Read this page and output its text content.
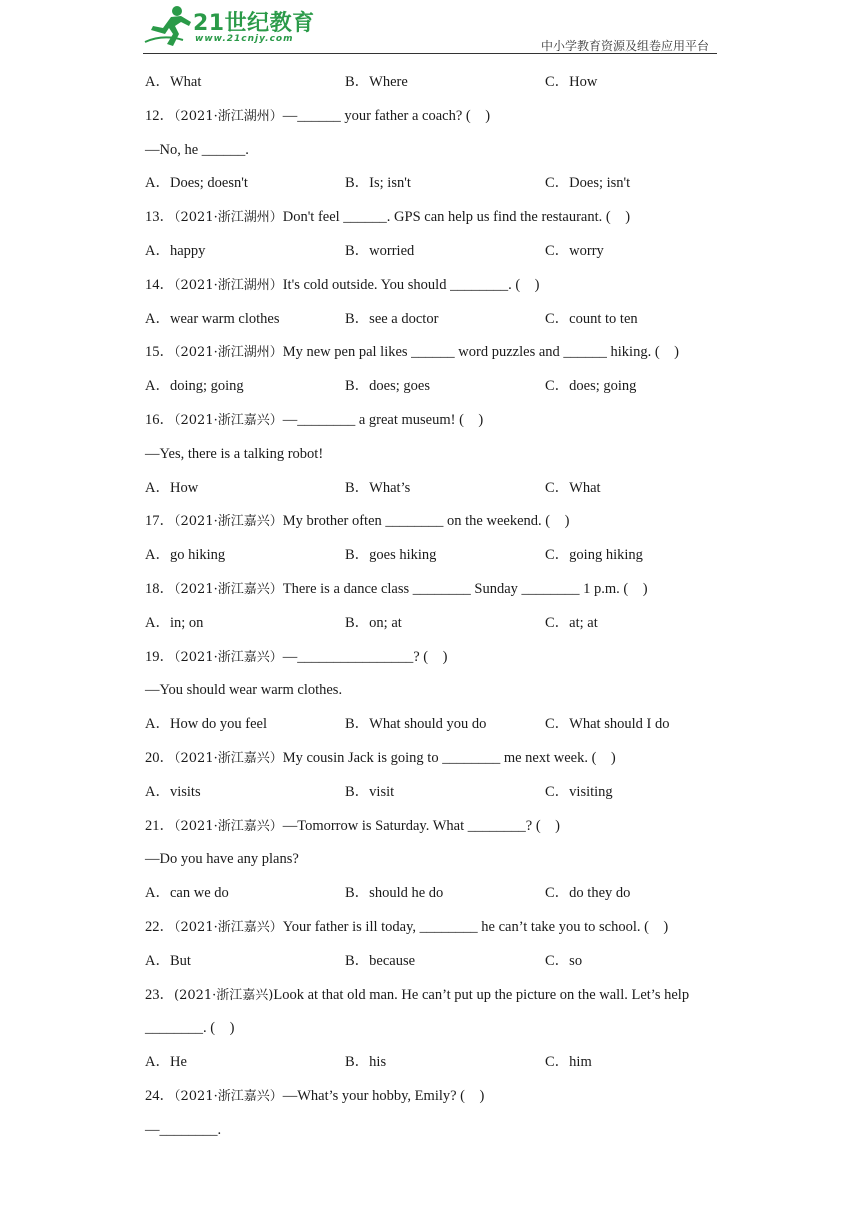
21世纪教育
www.21cnjy.com	中小学教育资源及组卷应用平台
A．What	B．Where	C．How
12．（2021·浙江湖州）—______ your father a coach? (　)
—No, he ______.
A．Does; doesn't	B．Is; isn't	C．Does; isn't
13．（2021·浙江湖州）Don't feel ______. GPS can help us find the restaurant. (　)
A．happy	B．worried	C．worry
14．（2021·浙江湖州）It's cold outside. You should ________. (　)
A．wear warm clothes	B．see a doctor	C．count to ten
15．（2021·浙江湖州）My new pen pal likes ______ word puzzles and ______ hiking. (　)
A．doing; going	B．does; goes	C．does; going
16．（2021·浙江嘉兴）—________ a great museum! (　)
—Yes, there is a talking robot!
A．How	B．What’s	C．What
17．（2021·浙江嘉兴）My brother often ________ on the weekend. (　)
A．go hiking	B．goes hiking	C．going hiking
18．（2021·浙江嘉兴）There is a dance class ________ Sunday ________ 1 p.m. (　)
A．in; on	B．on; at	C．at; at
19．（2021·浙江嘉兴）—________________? (　)
—You should wear warm clothes.
A．How do you feel	B．What should you do	C．What should I do
20．（2021·浙江嘉兴）My cousin Jack is going to ________ me next week. (　)
A．visits	B．visit	C．visiting
21．（2021·浙江嘉兴）—Tomorrow is Saturday. What ________? (　)
—Do you have any plans?
A．can we do	B．should he do	C．do they do
22．（2021·浙江嘉兴）Your father is ill today, ________ he can’t take you to school. (　)
A．But	B．because	C．so
23．(2021·浙江嘉兴)Look at that old man. He can’t put up the picture on the wall. Let’s help
________. (　)
A．He	B．his	C．him
24．（2021·浙江嘉兴）—What’s your hobby, Emily? (　)
—________.
